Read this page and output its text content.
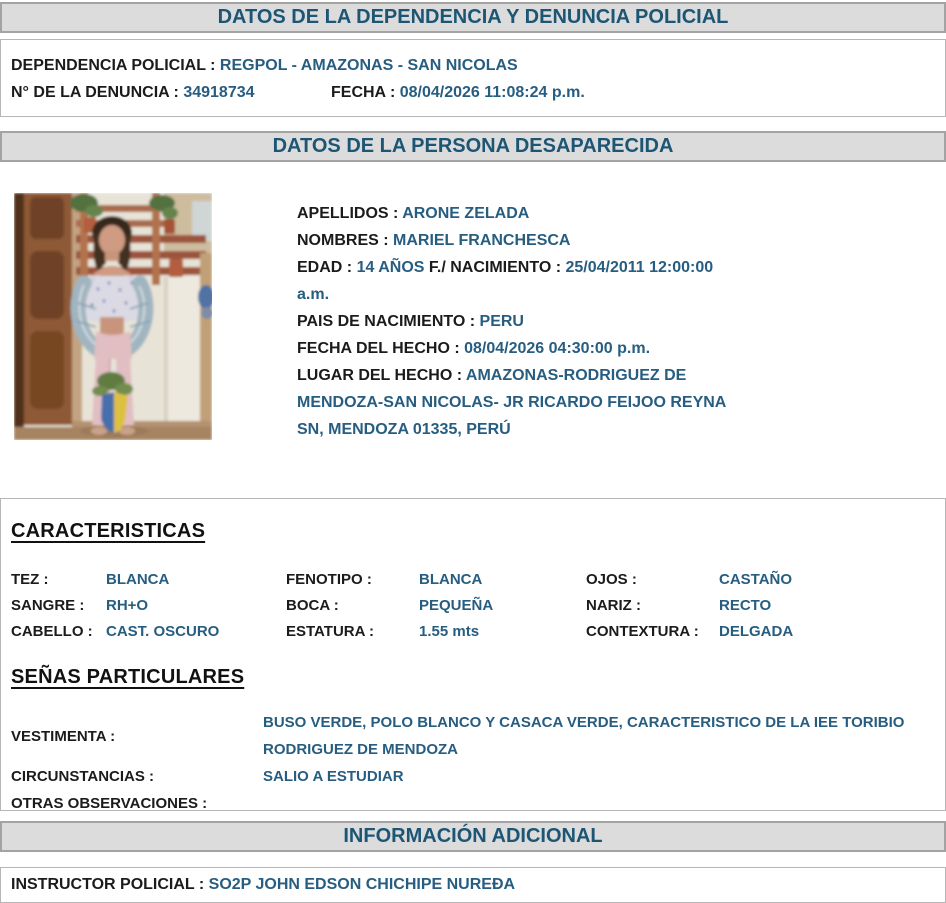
DATOS DE LA DEPENDENCIA Y DENUNCIA POLICIAL
DEPENDENCIA POLICIAL : REGPOL - AMAZONAS - SAN NICOLAS
N° DE LA DENUNCIA : 34918734	FECHA : 08/04/2026 11:08:24 p.m.
DATOS DE LA PERSONA DESAPARECIDA
APELLIDOS : ARONE ZELADA
NOMBRES : MARIEL FRANCHESCA
EDAD : 14 AÑOS F./ NACIMIENTO : 25/04/2011 12:00:00 a.m.
PAIS DE NACIMIENTO : PERU
FECHA DEL HECHO : 08/04/2026 04:30:00 p.m.
LUGAR DEL HECHO : AMAZONAS-RODRIGUEZ DE MENDOZA-SAN NICOLAS- JR RICARDO FEIJOO REYNA SN, MENDOZA 01335, PERÚ
CARACTERISTICAS
TEZ :	BLANCA	FENOTIPO :	BLANCA	OJOS :	CASTAÑO
SANGRE :	RH+O	BOCA :	PEQUEÑA	NARIZ :	RECTO
CABELLO : CAST. OSCURO	ESTATURA :	1.55 mts	CONTEXTURA :	DELGADA
SEÑAS PARTICULARES
VESTIMENTA :
BUSO VERDE, POLO BLANCO Y CASACA VERDE, CARACTERISTICO DE LA IEE TORIBIO RODRIGUEZ DE MENDOZA
CIRCUNSTANCIAS :	SALIO A ESTUDIAR
OTRAS OBSERVACIONES :
INFORMACIÓN ADICIONAL
INSTRUCTOR POLICIAL : SO2P JOHN EDSON CHICHIPE NUREÐA
